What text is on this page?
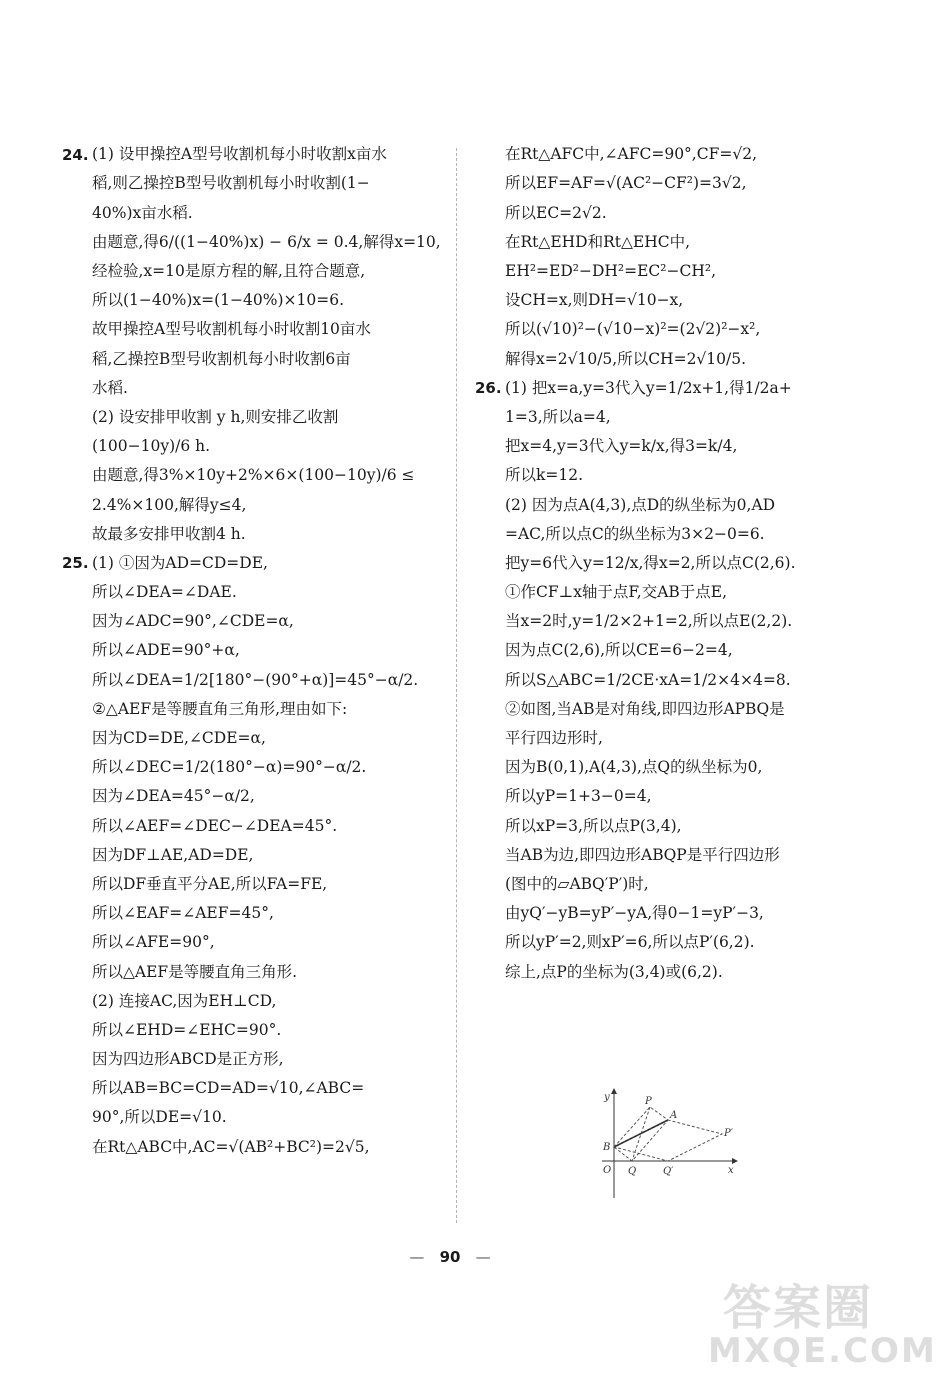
24. (1) 设甲操控A型号收割机每小时收割x亩水
稻,则乙操控B型号收割机每小时收割(1−
40%)x亩水稻.
由题意,得6/((1−40%)x) − 6/x = 0.4,解得x=10,
经检验,x=10是原方程的解,且符合题意,
所以(1−40%)x=(1−40%)×10=6.
故甲操控A型号收割机每小时收割10亩水
稻,乙操控B型号收割机每小时收割6亩
水稻.
(2) 设安排甲收割 y h,则安排乙收割
(100−10y)/6 h.
由题意,得3%×10y+2%×6×(100−10y)/6 ≤
2.4%×100,解得y≤4,
故最多安排甲收割4 h.
25. (1) ①因为AD=CD=DE,
所以∠DEA=∠DAE.
因为∠ADC=90°,∠CDE=α,
所以∠ADE=90°+α,
所以∠DEA=1/2[180°−(90°+α)]=45°−α/2.
②△AEF是等腰直角三角形,理由如下:
因为CD=DE,∠CDE=α,
所以∠DEC=1/2(180°−α)=90°−α/2.
因为∠DEA=45°−α/2,
所以∠AEF=∠DEC−∠DEA=45°.
因为DF⊥AE,AD=DE,
所以DF垂直平分AE,所以FA=FE,
所以∠EAF=∠AEF=45°,
所以∠AFE=90°,
所以△AEF是等腰直角三角形.
(2) 连接AC,因为EH⊥CD,
所以∠EHD=∠EHC=90°.
因为四边形ABCD是正方形,
所以AB=BC=CD=AD=√10,∠ABC=
90°,所以DE=√10.
在Rt△ABC中,AC=√(AB²+BC²)=2√5,
在Rt△AFC中,∠AFC=90°,CF=√2,
所以EF=AF=√(AC²−CF²)=3√2,
所以EC=2√2.
在Rt△EHD和Rt△EHC中,
EH²=ED²−DH²=EC²−CH²,
设CH=x,则DH=√10−x,
所以(√10)²−(√10−x)²=(2√2)²−x²,
解得x=2√10/5,所以CH=2√10/5.
26. (1) 把x=a,y=3代入y=1/2x+1,得1/2a+
1=3,所以a=4,
把x=4,y=3代入y=k/x,得3=k/4,
所以k=12.
(2) 因为点A(4,3),点D的纵坐标为0,AD
=AC,所以点C的纵坐标为3×2−0=6.
把y=6代入y=12/x,得x=2,所以点C(2,6).
①作CF⊥x轴于点F,交AB于点E,
当x=2时,y=1/2×2+1=2,所以点E(2,2).
因为点C(2,6),所以CE=6−2=4,
所以S△ABC=1/2CE·xA=1/2×4×4=8.
②如图,当AB是对角线,即四边形APBQ是
平行四边形时,
因为B(0,1),A(4,3),点Q的纵坐标为0,
所以yP=1+3−0=4,
所以xP=3,所以点P(3,4),
当AB为边,即四边形ABQP是平行四边形
(图中的▱ABQ′P′)时,
由yQ′−yB=yP′−yA,得0−1=yP′−3,
所以yP′=2,则xP′=6,所以点P′(6,2).
综上,点P的坐标为(3,4)或(6,2).
y
x
O
B
P
A
P′
Q	Q′
— 90 —
答案圈
MXQE.COM
